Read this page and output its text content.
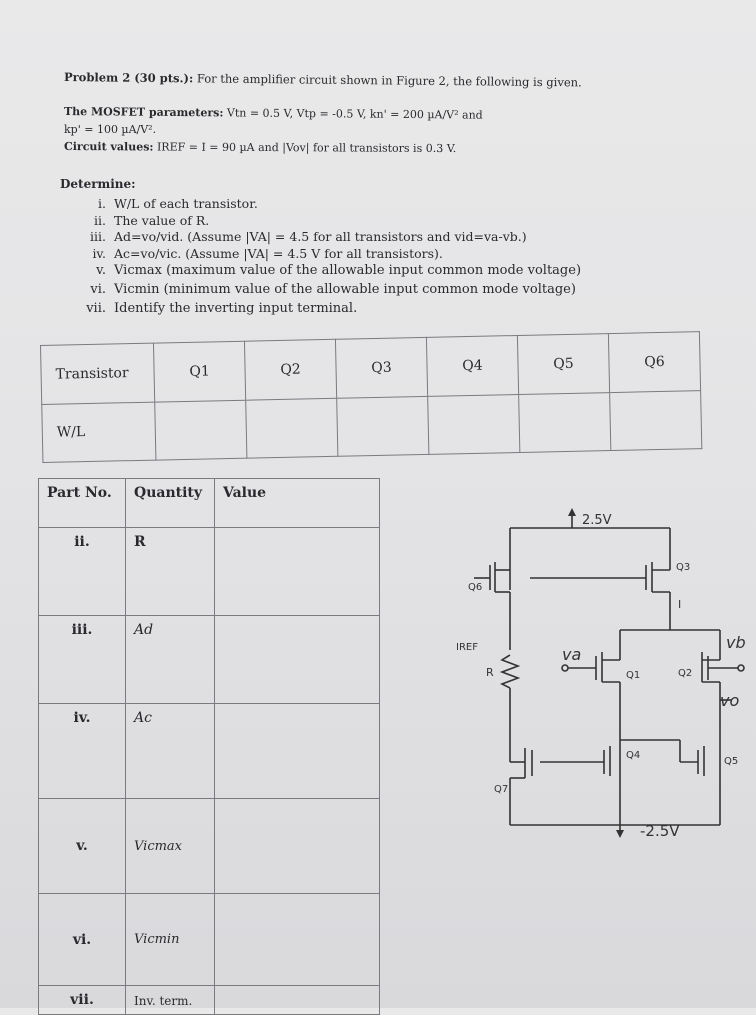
Problem 2 (30 pts.): For the amplifier circuit shown in Figure 2, the following is given.
The MOSFET parameters: Vtn = 0.5 V, Vtp = -0.5 V, kn' = 200 µA/V² and
kp' = 100 µA/V².
Circuit values: IREF = I = 90 µA and |Vov| for all transistors is 0.3 V.
Determine:
i. W/L of each transistor.
ii. The value of R.
iii. Ad=vo/vid. (Assume |VA| = 4.5 for all transistors and vid=va-vb.)
iv. Ac=vo/vic. (Assume |VA| = 4.5 V for all transistors).
v. Vicmax (maximum value of the allowable input common mode voltage)
vi. Vicmin (minimum value of the allowable input common mode voltage)
vii. Identify the inverting input terminal.
Transistor	Q1	Q2	Q3	Q4	Q5	Q6
W/L						
Part No.	Quantity	Value
ii.	R	
iii.	Ad	
iv.	Ac	
v.	Vicmax	
vi.	Vicmin	
vii.	Inv. term.	
2.5V
Q6
Q3
I
IREF
R
va
Q1	Q2
vb
vo
Q4
Q5
Q7
-2.5V
